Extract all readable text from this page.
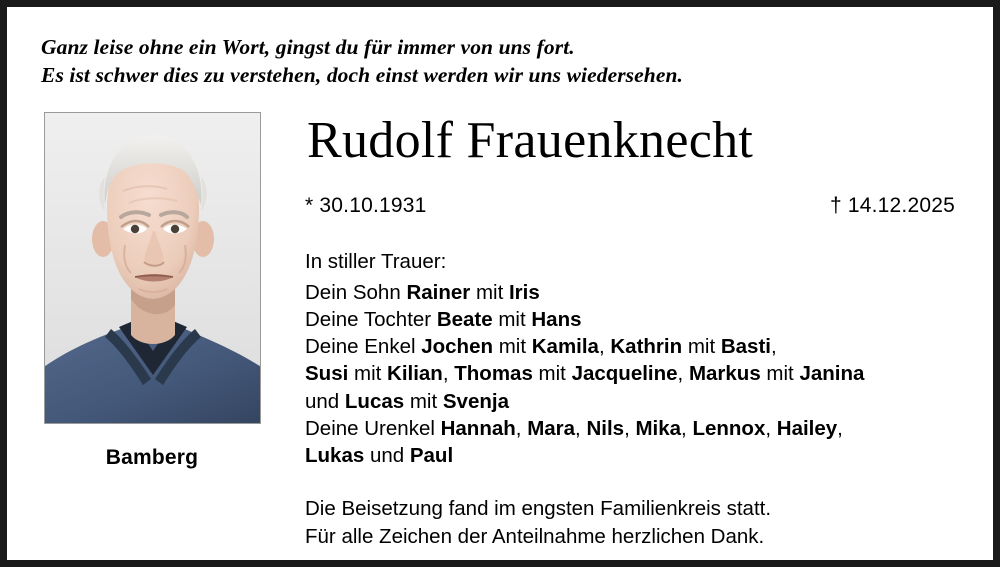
Ganz leise ohne ein Wort, gingst du für immer von uns fort.
Es ist schwer dies zu verstehen, doch einst werden wir uns wiedersehen.
Bamberg
Rudolf Frauenknecht
* 30.10.1931	† 14.12.2025
In stiller Trauer:
Dein Sohn Rainer mit Iris
Deine Tochter Beate mit Hans
Deine Enkel Jochen mit Kamila, Kathrin mit Basti,
Susi mit Kilian, Thomas mit Jacqueline, Markus mit Janina
und Lucas mit Svenja
Deine Urenkel Hannah, Mara, Nils, Mika, Lennox, Hailey,
Lukas und Paul
Die Beisetzung fand im engsten Familienkreis statt.
Für alle Zeichen der Anteilnahme herzlichen Dank.
